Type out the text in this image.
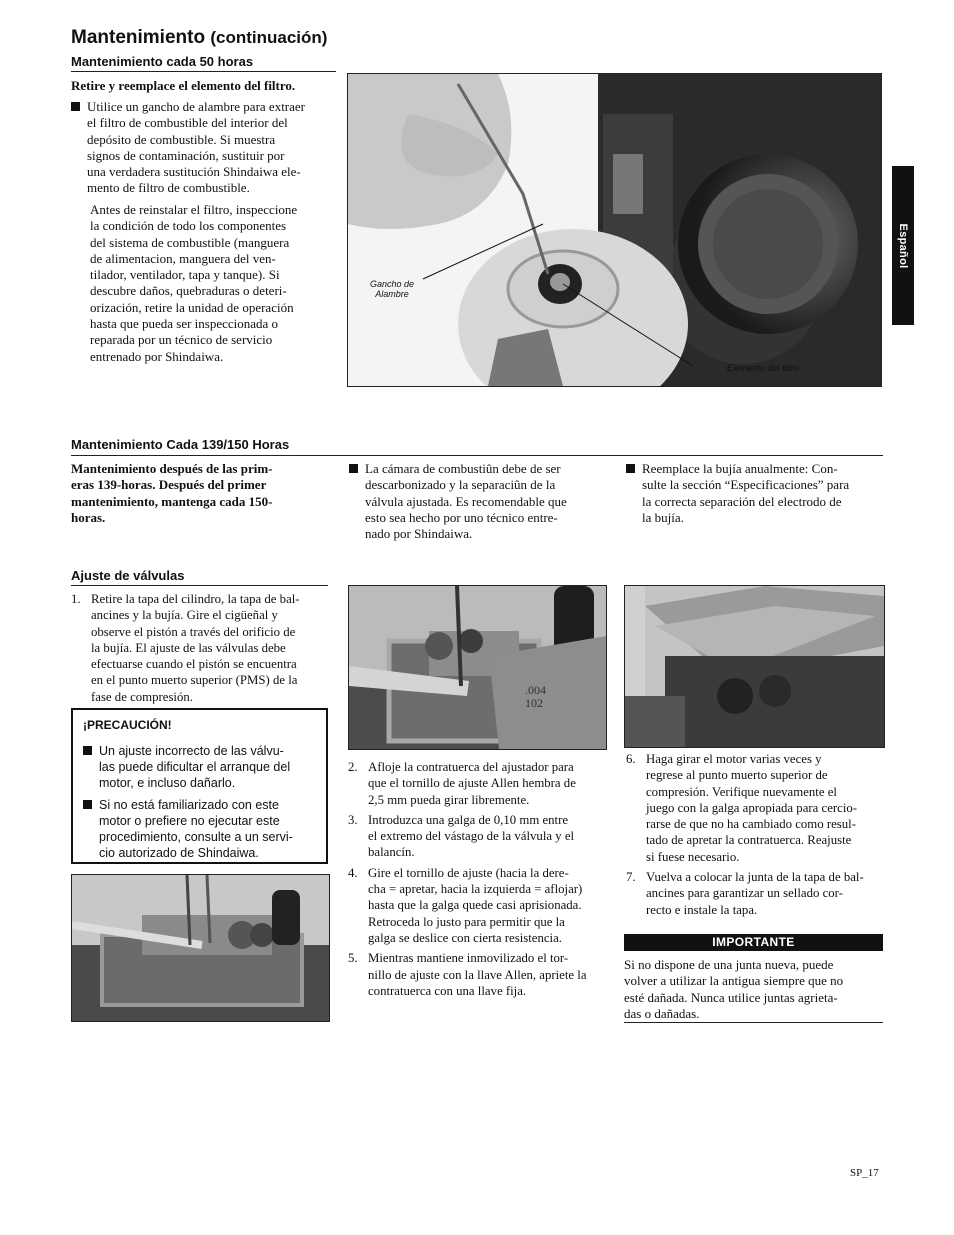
Mantenimiento (continuación)
Español
Mantenimiento cada 50 horas
Retire y reemplace el elemento del filtro.
Utilice un gancho de alambre para extraer
el filtro de combustible del interior del
depósito de combustible. Si muestra
signos de contaminación, sustituir por
una verdadera sustitución Shindaiwa ele-
mento de filtro de combustible.
Antes de reinstalar el filtro, inspeccione
la condición de todo los componentes
del sistema de combustible (manguera
de alimentacion, manguera del ven-
tilador, ventilador, tapa y tanque). Si
descubre daños, quebraduras o deteri-
orización, retire la unidad de operación
hasta que pueda ser inspeccionada o
reparada por un técnico de servicio
entrenado por Shindaiwa.
Gancho de
Alambre
Elemento del filtro
Mantenimiento Cada 139/150 Horas
Mantenimiento después de las prim-
eras 139-horas. Después del primer
mantenimiento, mantenga cada 150-
horas.
La cámara de combustiûn debe de ser
descarbonizado y la separaciûn de la
válvula ajustada. Es recomendable que
esto sea hecho por uno técnico entre-
nado por Shindaiwa.
Reemplace la bujía anualmente: Con-
sulte la sección “Especificaciones” para
la correcta separación del electrodo de
la bujía.
Ajuste de válvulas
1. Retire la tapa del cilindro, la tapa de bal-
ancines y la bujía. Gire el cigüeñal y
observe el pistón a través del orificio de
la bujía. El ajuste de las válvulas debe
efectuarse cuando el pistón se encuentra
en el punto muerto superior (PMS) de la
fase de compresión.
¡PRECAUCIÓN!
Un ajuste incorrecto de las válvu-
las puede dificultar el arranque del
motor, e incluso dañarlo.
Si no está familiarizado con este
motor o prefiere no ejecutar este
procedimiento, consulte a un servi-
cio autorizado de Shindaiwa.
.004
102
2. Afloje la contratuerca del ajustador para
que el tornillo de ajuste Allen hembra de
2,5 mm pueda girar libremente.
3. Introduzca una galga de 0,10 mm entre
el extremo del vástago de la válvula y el
balancín.
4. Gire el tornillo de ajuste (hacia la dere-
cha = apretar, hacia la izquierda = aflojar)
hasta que la galga quede casi aprisionada.
Retroceda lo justo para permitir que la
galga se deslice con cierta resistencia.
5. Mientras mantiene inmovilizado el tor-
nillo de ajuste con la llave Allen, apriete la
contratuerca con una llave fija.
6. Haga girar el motor varias veces y
regrese al punto muerto superior de
compresión. Verifique nuevamente el
juego con la galga apropiada para cercio-
rarse de que no ha cambiado como resul-
tado de apretar la contratuerca. Reajuste
si fuese necesario.
7. Vuelva a colocar la junta de la tapa de bal-
ancines para garantizar un sellado cor-
recto e instale la tapa.
IMPORTANTE
Si no dispone de una junta nueva, puede
volver a utilizar la antigua siempre que no
esté dañada. Nunca utilice juntas agrieta-
das o dañadas.
SP_17
